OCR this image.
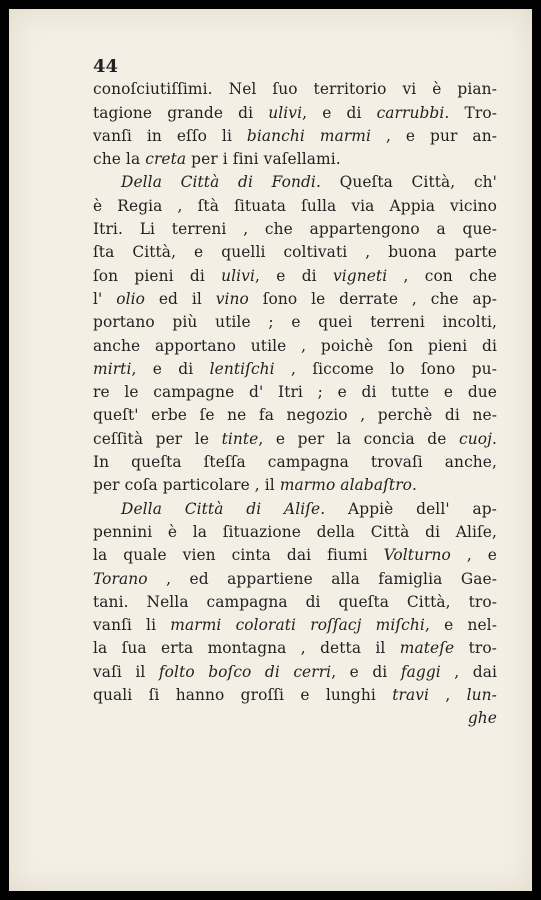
44
conoſciutiſſimi. Nel ſuo territorio vi è pian-
tagione grande di ulivi, e di carrubbi. Tro-
vanſi in eſſo li bianchi marmi , e pur an-
che la creta per i fini vaſellami.
Della Città di Fondi. Queſta Città, ch'
è Regia , ſtà ſituata ſulla via Appia vicino
Itri. Li terreni , che appartengono a que-
ſta Città, e quelli coltivati , buona parte
ſon pieni di ulivi, e di vigneti , con che
l' olio ed il vino ſono le derrate , che ap-
portano più utile ; e quei terreni incolti,
anche apportano utile , poichè ſon pieni di
mirti, e di lentiſchi , ſiccome lo ſono pu-
re le campagne d' Itri ; e di tutte e due
queſt' erbe ſe ne fa negozio , perchè di ne-
ceſſità per le tinte, e per la concia de cuoj.
In queſta ſteſſa campagna trovaſi anche,
per coſa particolare , il marmo alabaſtro.
Della Città di Aliſe. Appiè dell' ap-
pennini è la ſituazione della Città di Aliſe,
la quale vien cinta dai fiumi Volturno , e
Torano , ed appartiene alla famiglia Gae-
tani. Nella campagna di queſta Città, tro-
vanſi li marmi colorati roſſacj miſchi, e nel-
la ſua erta montagna , detta il mateſe tro-
vaſi il folto boſco di cerri, e di faggi , dai
quali ſi hanno groſſi e lunghi travi , lun-
ghe
